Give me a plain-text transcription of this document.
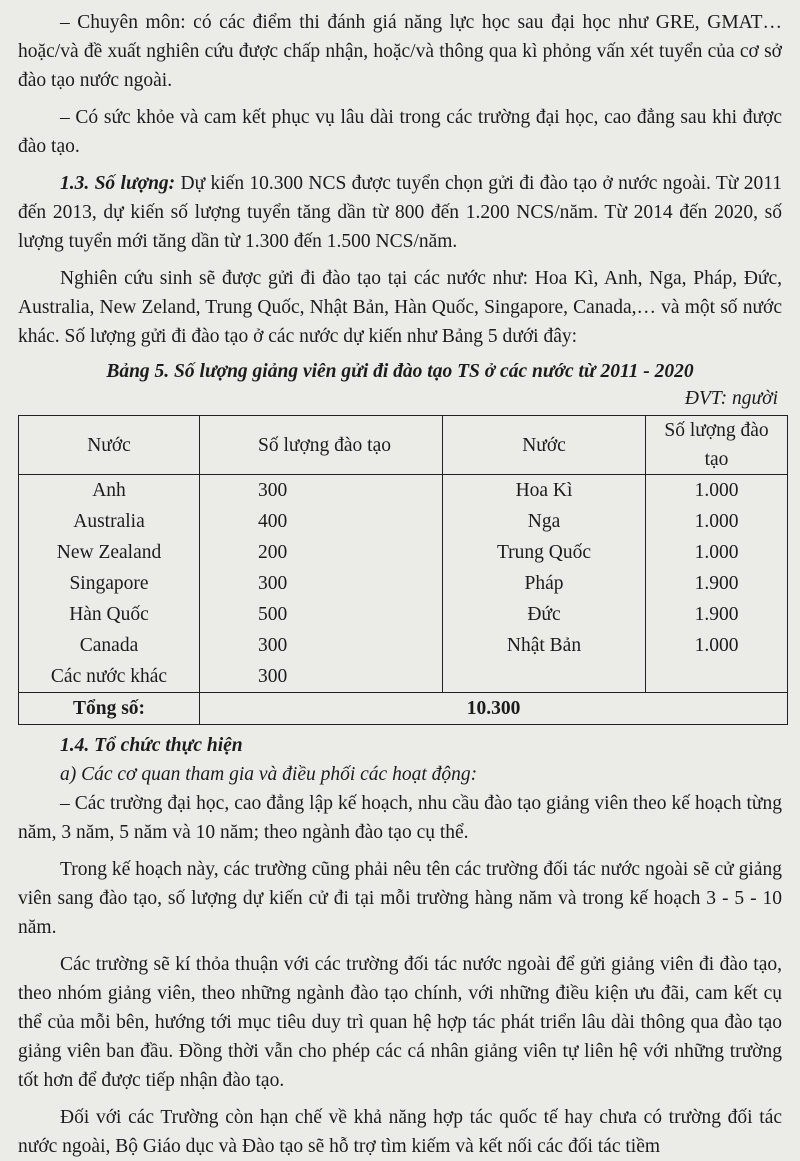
– Chuyên môn: có các điểm thi đánh giá năng lực học sau đại học như GRE, GMAT… hoặc/và đề xuất nghiên cứu được chấp nhận, hoặc/và thông qua kì phỏng vấn xét tuyển của cơ sở đào tạo nước ngoài.

– Có sức khỏe và cam kết phục vụ lâu dài trong các trường đại học, cao đẳng sau khi được đào tạo.

1.3. Số lượng: Dự kiến 10.300 NCS được tuyển chọn gửi đi đào tạo ở nước ngoài. Từ 2011 đến 2013, dự kiến số lượng tuyển tăng dần từ 800 đến 1.200 NCS/năm. Từ 2014 đến 2020, số lượng tuyển mới tăng dần từ 1.300 đến 1.500 NCS/năm.

Nghiên cứu sinh sẽ được gửi đi đào tạo tại các nước như: Hoa Kì, Anh, Nga, Pháp, Đức, Australia, New Zeland, Trung Quốc, Nhật Bản, Hàn Quốc, Singapore, Canada,… và một số nước khác. Số lượng gửi đi đào tạo ở các nước dự kiến như Bảng 5 dưới đây:

Bảng 5. Số lượng giảng viên gửi đi đào tạo TS ở các nước từ 2011 - 2020
ĐVT: người
Nước	Số lượng đào tạo	Nước	Số lượng đào tạo
Anh	300	Hoa Kì	1.000
Australia	400	Nga	1.000
New Zealand	200	Trung Quốc	1.000
Singapore	300	Pháp	1.900
Hàn Quốc	500	Đức	1.900
Canada	300	Nhật Bản	1.000
Các nước khác	300		
Tổng số:	10.300		
1.4. Tổ chức thực hiện
a) Các cơ quan tham gia và điều phối các hoạt động:

– Các trường đại học, cao đẳng lập kế hoạch, nhu cầu đào tạo giảng viên theo kế hoạch từng năm, 3 năm, 5 năm và 10 năm; theo ngành đào tạo cụ thể.

Trong kế hoạch này, các trường cũng phải nêu tên các trường đối tác nước ngoài sẽ cử giảng viên sang đào tạo, số lượng dự kiến cử đi tại mỗi trường hàng năm và trong kế hoạch 3 - 5 - 10 năm.

Các trường sẽ kí thỏa thuận với các trường đối tác nước ngoài để gửi giảng viên đi đào tạo, theo nhóm giảng viên, theo những ngành đào tạo chính, với những điều kiện ưu đãi, cam kết cụ thể của mỗi bên, hướng tới mục tiêu duy trì quan hệ hợp tác phát triển lâu dài thông qua đào tạo giảng viên ban đầu. Đồng thời vẫn cho phép các cá nhân giảng viên tự liên hệ với những trường tốt hơn để được tiếp nhận đào tạo.

Đối với các Trường còn hạn chế về khả năng hợp tác quốc tế hay chưa có trường đối tác nước ngoài, Bộ Giáo dục và Đào tạo sẽ hỗ trợ tìm kiếm và kết nối các đối tác tiềm
